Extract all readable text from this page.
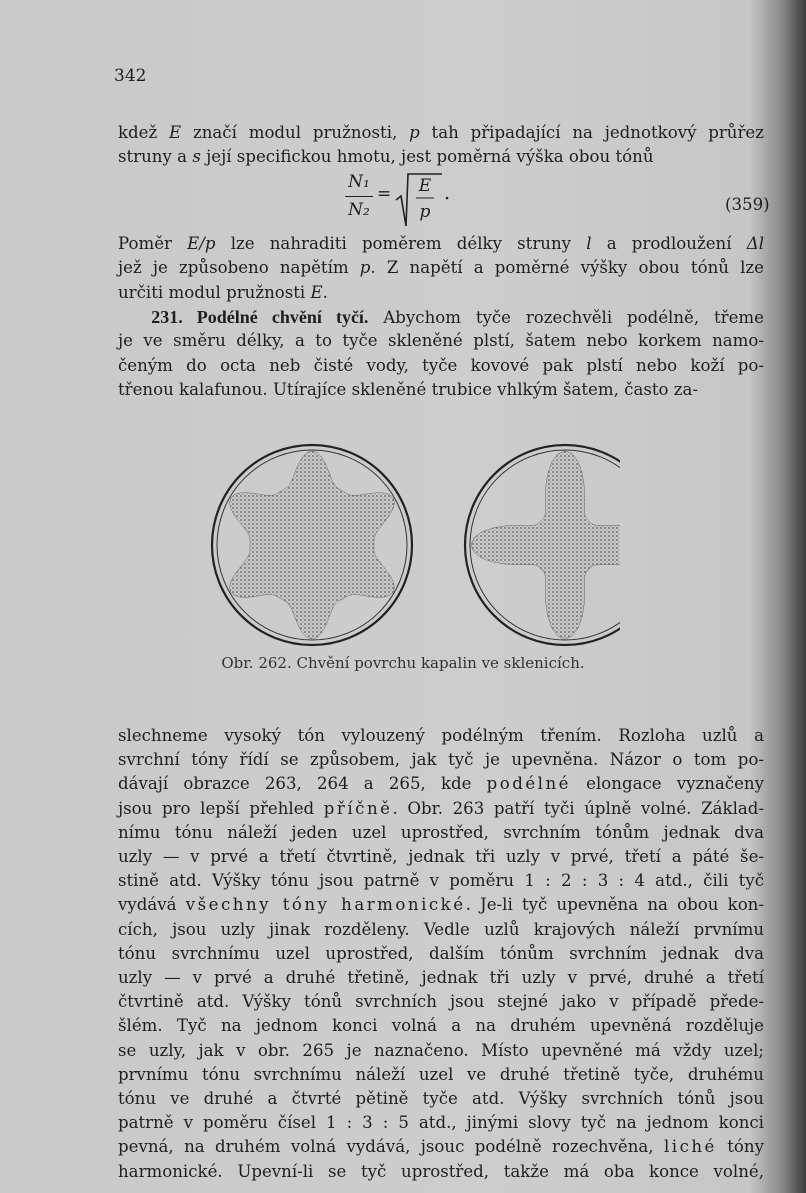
342
kdež E značí modul pružnosti, p tah připadající na jednotkový průřez
struny a s její specifickou hmotu, jest poměrná výška obou tónů
Poměr E/p lze nahraditi poměrem délky struny l a prodloužení Δl
jež je způsobeno napětím p. Z napětí a poměrné výšky obou tónů lze
určiti modul pružnosti E.
  231. Podélné chvění tyčí. Abychom tyče rozechvěli podélně, třeme
je ve směru délky, a to tyče skleněné plstí, šatem nebo korkem namo-
čeným do octa neb čisté vody, tyče kovové pak plstí nebo koží po-
třenou kalafunou. Utírajíce skleněné trubice vhlkým šatem, často za-
slechneme vysoký tón vylouzený podélným třením. Rozloha uzlů a
svrchní tóny řídí se způsobem, jak tyč je upevněna. Názor o tom po-
dávají obrazce 263, 264 a 265, kde podélné elongace vyznačeny
jsou pro lepší přehled příčně. Obr. 263 patří tyči úplně volné. Základ-
nímu tónu náleží jeden uzel uprostřed, svrchním tónům jednak dva
uzly — v prvé a třetí čtvrtině, jednak tři uzly v prvé, třetí a páté še-
stině atd. Výšky tónu jsou patrně v poměru 1 : 2 : 3 : 4 atd., čili tyč
vydává všechny tóny harmonické. Je-li tyč upevněna na obou kon-
cích, jsou uzly jinak rozděleny. Vedle uzlů krajových náleží prvnímu
tónu svrchnímu uzel uprostřed, dalším tónům svrchním jednak dva
uzly — v prvé a druhé třetině, jednak tři uzly v prvé, druhé a třetí
čtvrtině atd. Výšky tónů svrchních jsou stejné jako v případě přede-
šlém. Tyč na jednom konci volná a na druhém upevněná rozděluje
se uzly, jak v obr. 265 je naznačeno. Místo upevněné má vždy uzel;
prvnímu tónu svrchnímu náleží uzel ve druhé třetině tyče, druhému
tónu ve druhé a čtvrté pětině tyče atd. Výšky svrchních tónů jsou
patrně v poměru čísel 1 : 3 : 5 atd., jinými slovy tyč na jednom konci
pevná, na druhém volná vydává, jsouc podélně rozechvěna, liché tóny
harmonické. Upevní-li se tyč uprostřed, takže má oba konce volné,
N₁
N₂
= E
p	(359)
Obr. 262. Chvění povrchu kapalin ve sklenicích.
